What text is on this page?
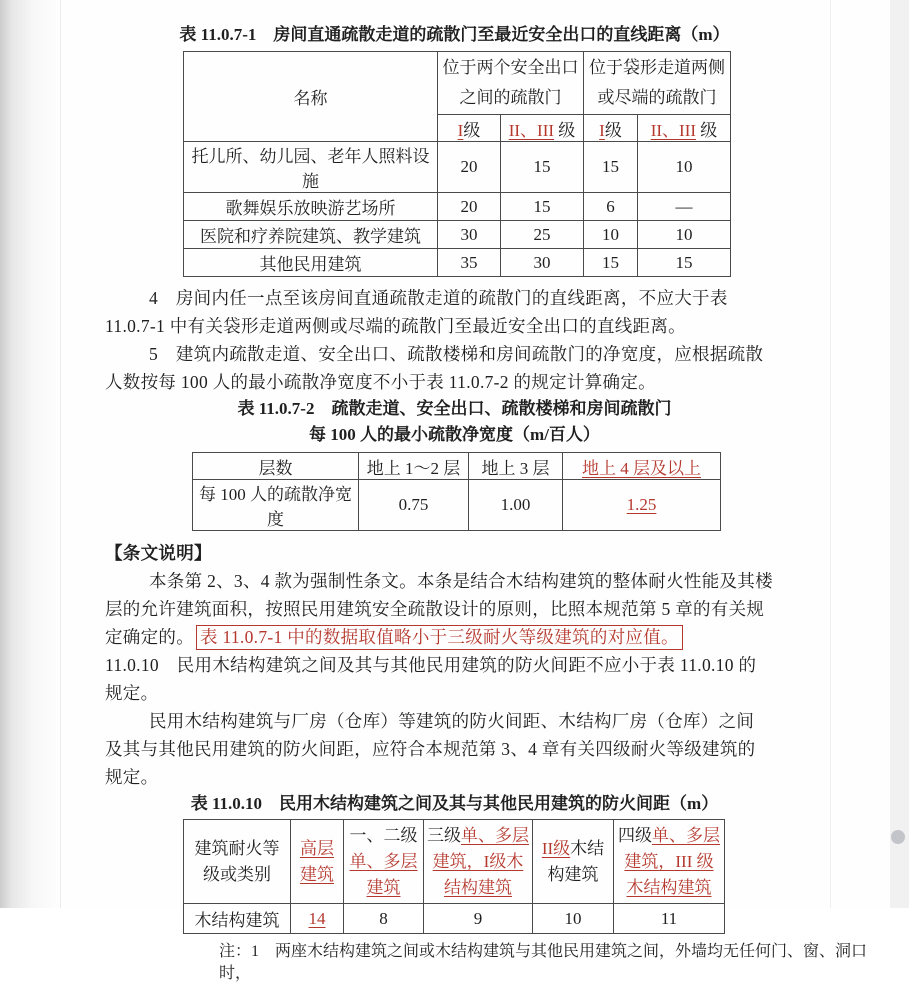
表 11.0.7-1　房间直通疏散走道的疏散门至最近安全出口的直线距离（m）
名称	
位于两个安全出口
之间的疏散门

位于袋形走道两侧
或尽端的疏散门

	I级	II、III 级	I级	II、III 级
托儿所、幼儿园、老年人照料设施	20	15	15	10
歌舞娱乐放映游艺场所	20	15	6	—
医院和疗养院建筑、教学建筑	30	25	10	10
其他民用建筑	35	30	15	15
4　房间内任一点至该房间直通疏散走道的疏散门的直线距离，不应大于表
11.0.7-1 中有关袋形走道两侧或尽端的疏散门至最近安全出口的直线距离。
5　建筑内疏散走道、安全出口、疏散楼梯和房间疏散门的净宽度，应根据疏散
人数按每 100 人的最小疏散净宽度不小于表 11.0.7-2 的规定计算确定。
表 11.0.7-2　疏散走道、安全出口、疏散楼梯和房间疏散门
每 100 人的最小疏散净宽度（m/百人）
层数	地上 1～2 层	地上 3 层	地上 4 层及以上
每 100 人的疏散净宽度	0.75	1.00	1.25
【条文说明】
本条第 2、3、4 款为强制性条文。本条是结合木结构建筑的整体耐火性能及其楼
层的允许建筑面积，按照民用建筑安全疏散设计的原则，比照本规范第 5 章的有关规
定确定的。 表 11.0.7-1 中的数据取值略小于三级耐火等级建筑的对应值。
11.0.10　民用木结构建筑之间及其与其他民用建筑的防火间距不应小于表 11.0.10 的
规定。
民用木结构建筑与厂房（仓库）等建筑的防火间距、木结构厂房（仓库）之间
及其与其他民用建筑的防火间距，应符合本规范第 3、4 章有关四级耐火等级建筑的
规定。
表 11.0.10　民用木结构建筑之间及其与其他民用建筑的防火间距（m）
建筑耐火等
级或类别	高层建筑	一、二级单、多层建筑	三级单、多层建筑，I级木结构建筑	II级木结构建筑	四级单、多层建筑，III 级木结构建筑
木结构建筑	14	8	9	10	11
注：1　两座木结构建筑之间或木结构建筑与其他民用建筑之间，外墙均无任何门、窗、洞口时，
